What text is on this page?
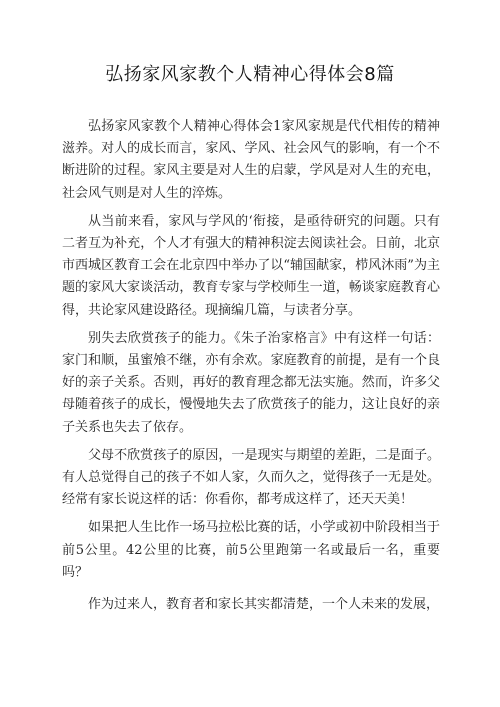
弘扬家风家教个人精神心得体会8篇

弘扬家风家教个人精神心得体会1家风家规是代代相传的精神滋养。对人的成长而言，家风、学风、社会风气的影响，有一个不断进阶的过程。家风主要是对人生的启蒙，学风是对人生的充电，社会风气则是对人生的淬炼。

从当前来看，家风与学风的‘衔接，是亟待研究的问题。只有二者互为补充，个人才有强大的精神积淀去阅读社会。日前，北京市西城区教育工会在北京四中举办了以“辅国献家，栉风沐雨”为主题的家风大家谈活动，教育专家与学校师生一道，畅谈家庭教育心得，共论家风建设路径。现摘编几篇，与读者分享。

别失去欣赏孩子的能力。《朱子治家格言》中有这样一句话：家门和顺，虽蜜飧不继，亦有余欢。家庭教育的前提，是有一个良好的亲子关系。否则，再好的教育理念都无法实施。然而，许多父母随着孩子的成长，慢慢地失去了欣赏孩子的能力，这让良好的亲子关系也失去了依存。

父母不欣赏孩子的原因，一是现实与期望的差距，二是面子。有人总觉得自己的孩子不如人家，久而久之，觉得孩子一无是处。经常有家长说这样的话：你看你，都考成这样了，还天天美！

如果把人生比作一场马拉松比赛的话，小学或初中阶段相当于前5公里。42公里的比赛，前5公里跑第一名或最后一名，重要吗？

作为过来人，教育者和家长其实都清楚，一个人未来的发展，
